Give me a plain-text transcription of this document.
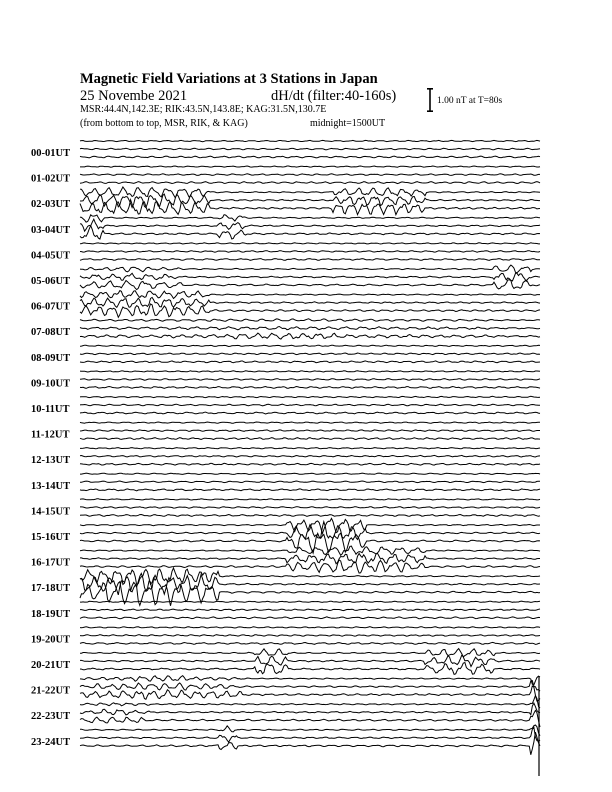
Magnetic Field Variations at 3 Stations in Japan
25 Novembe 2021	dH/dt (filter:40-160s)
MSR:44.4N,142.3E; RIK:43.5N,143.8E; KAG:31.5N,130.7E
(from bottom to top, MSR, RIK, & KAG)	midnight=1500UT
1.00 nT at T=80s
00-01UT
01-02UT
02-03UT
03-04UT
04-05UT
05-06UT
06-07UT
07-08UT
08-09UT
09-10UT
10-11UT
11-12UT
12-13UT
13-14UT
14-15UT
15-16UT
16-17UT
17-18UT
18-19UT
19-20UT
20-21UT
21-22UT
22-23UT
23-24UT
